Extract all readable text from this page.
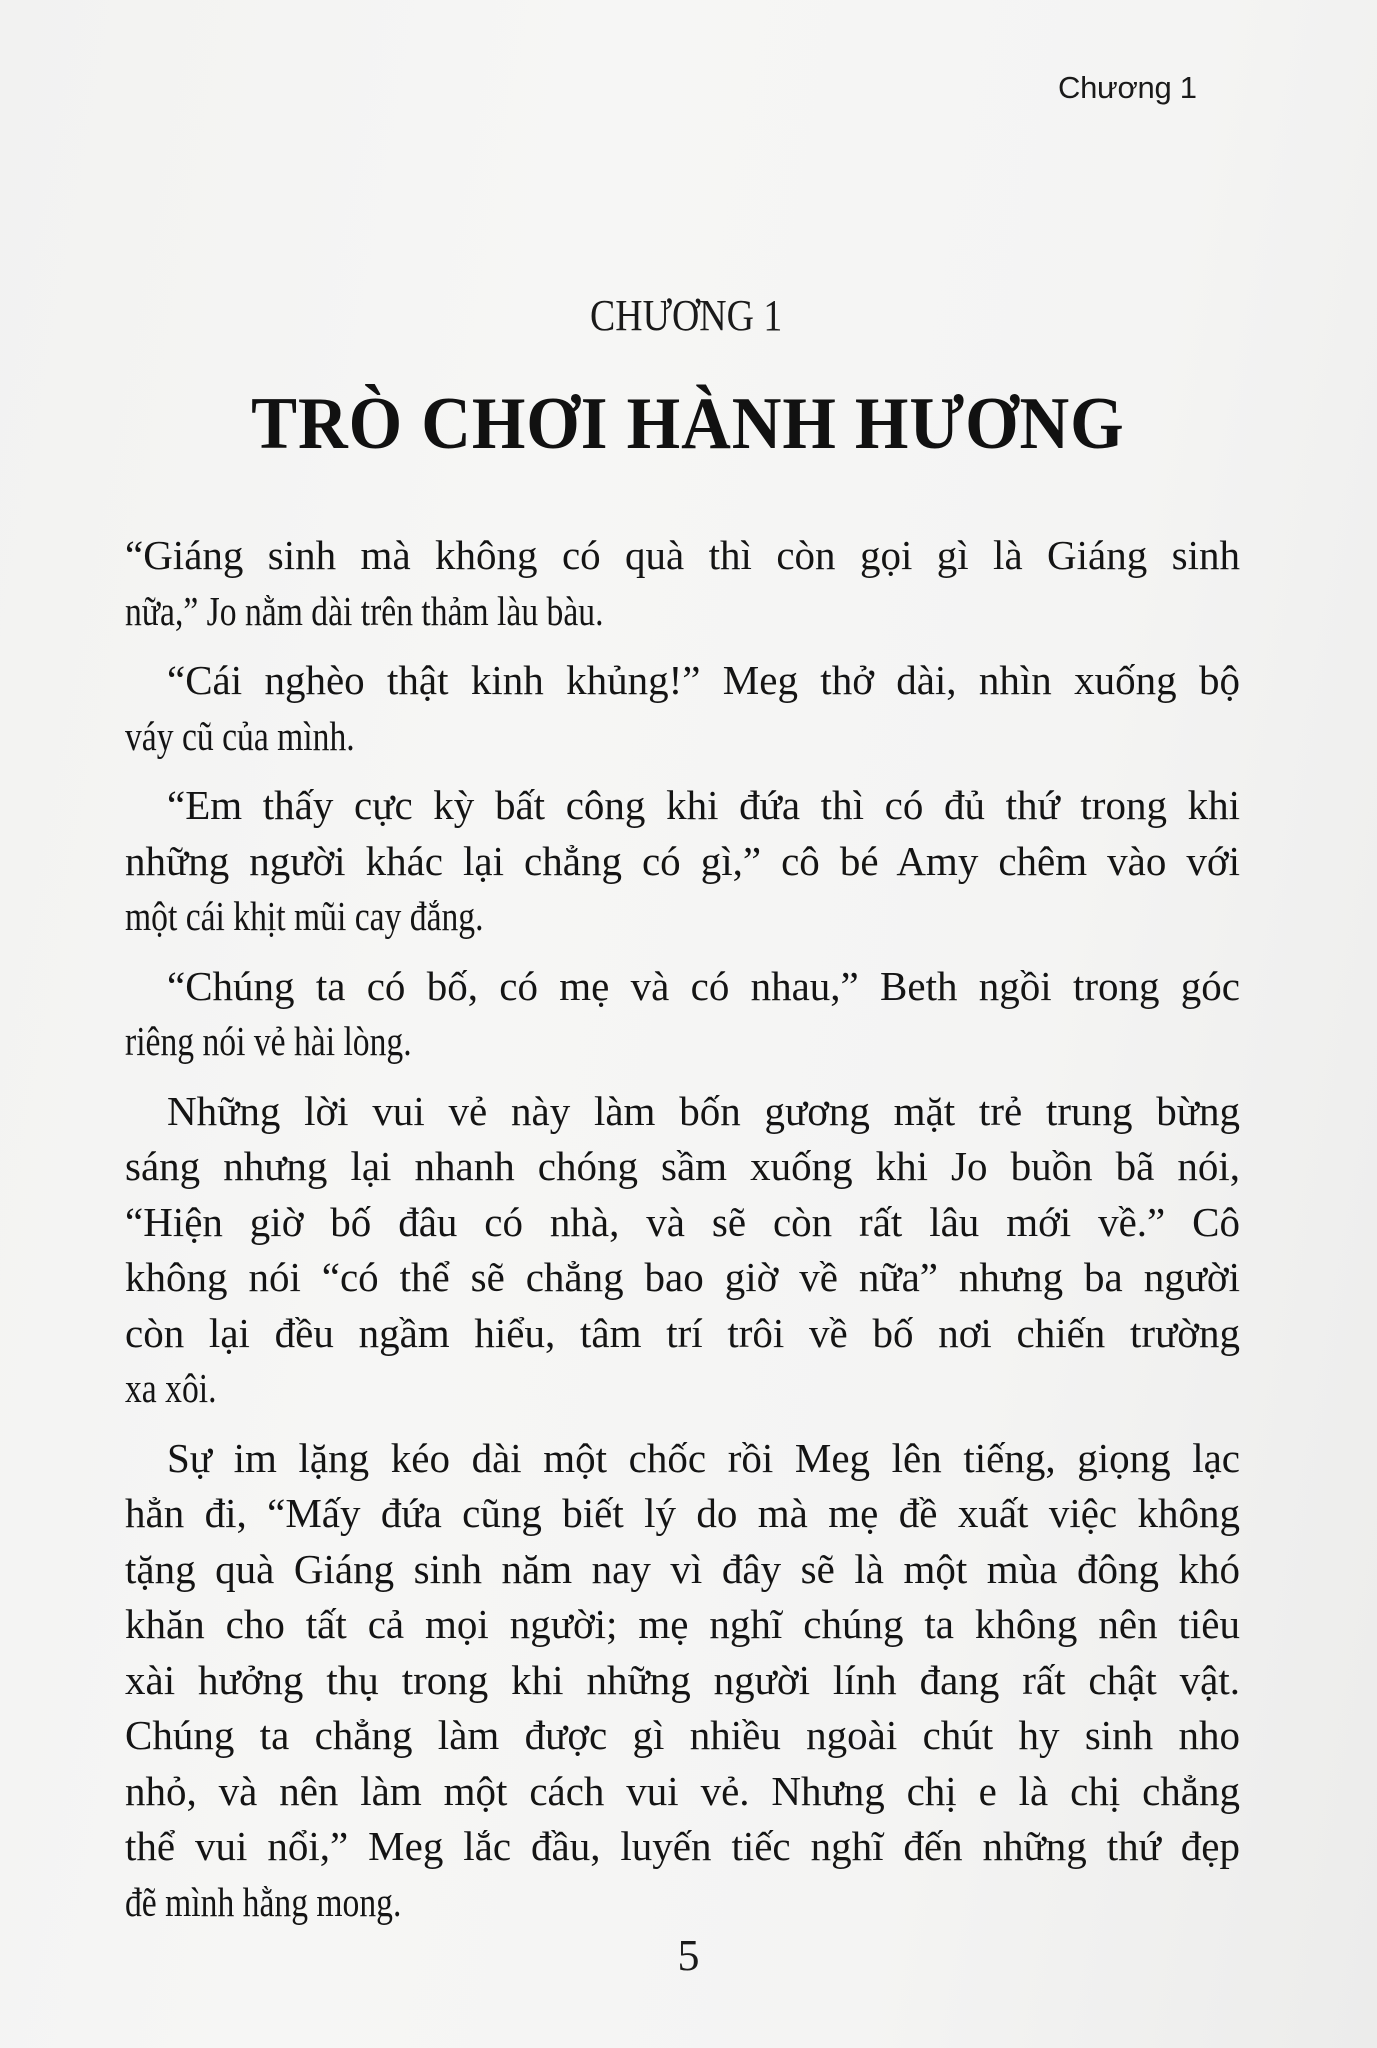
Chương 1
CHƯƠNG 1
TRÒ CHƠI HÀNH HƯƠNG

“Giáng sinh mà không có quà thì còn gọi gì là Giáng sinh
nữa,” Jo nằm dài trên thảm làu bàu.

“Cái nghèo thật kinh khủng!” Meg thở dài, nhìn xuống bộ
váy cũ của mình.

“Em thấy cực kỳ bất công khi đứa thì có đủ thứ trong khi
những người khác lại chẳng có gì,” cô bé Amy chêm vào với
một cái khịt mũi cay đắng.

“Chúng ta có bố, có mẹ và có nhau,” Beth ngồi trong góc
riêng nói vẻ hài lòng.

Những lời vui vẻ này làm bốn gương mặt trẻ trung bừng
sáng nhưng lại nhanh chóng sầm xuống khi Jo buồn bã nói,
“Hiện giờ bố đâu có nhà, và sẽ còn rất lâu mới về.” Cô
không nói “có thể sẽ chẳng bao giờ về nữa” nhưng ba người
còn lại đều ngầm hiểu, tâm trí trôi về bố nơi chiến trường
xa xôi.

Sự im lặng kéo dài một chốc rồi Meg lên tiếng, giọng lạc
hẳn đi, “Mấy đứa cũng biết lý do mà mẹ đề xuất việc không
tặng quà Giáng sinh năm nay vì đây sẽ là một mùa đông khó
khăn cho tất cả mọi người; mẹ nghĩ chúng ta không nên tiêu
xài hưởng thụ trong khi những người lính đang rất chật vật.
Chúng ta chẳng làm được gì nhiều ngoài chút hy sinh nho
nhỏ, và nên làm một cách vui vẻ. Nhưng chị e là chị chẳng
thể vui nổi,” Meg lắc đầu, luyến tiếc nghĩ đến những thứ đẹp
đẽ mình hằng mong.

5
